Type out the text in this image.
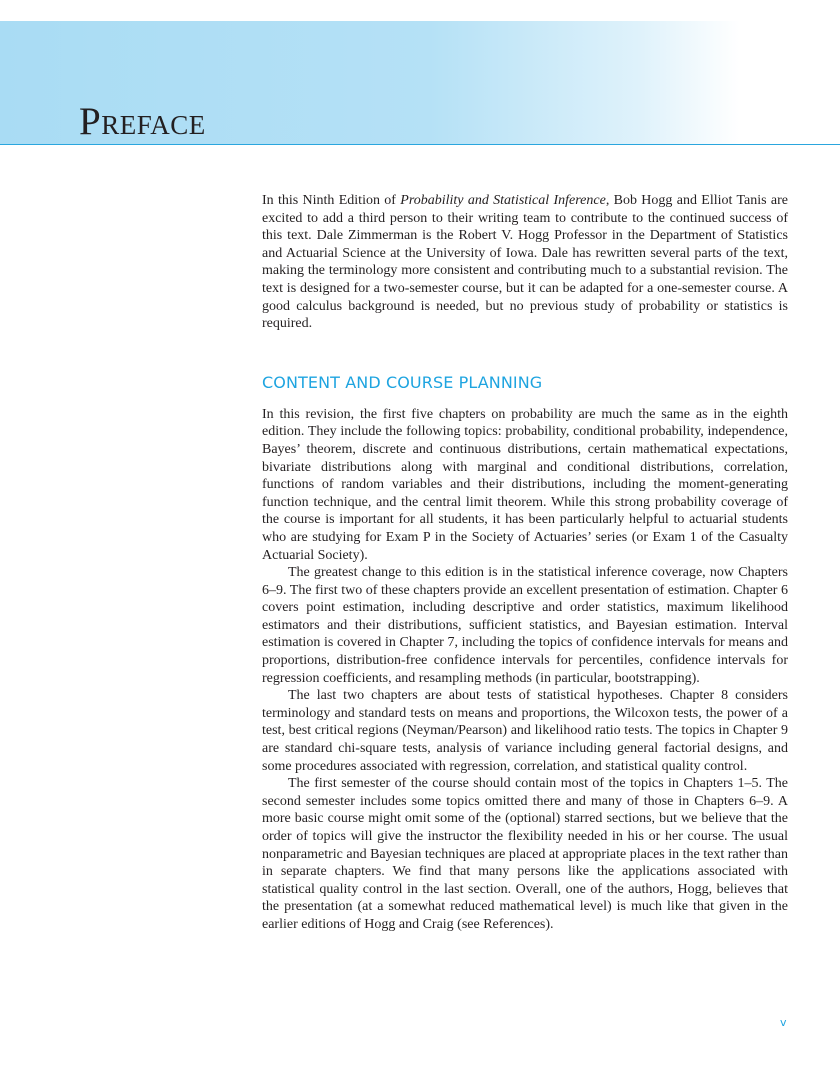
Preface

In this Ninth Edition of Probability and Statistical Inference, Bob Hogg and Elliot Tanis are excited to add a third person to their writing team to contribute to the continued success of this text. Dale Zimmerman is the Robert V. Hogg Professor in the Department of Statistics and Actuarial Science at the University of Iowa. Dale has rewritten several parts of the text, making the terminology more consistent and contributing much to a substantial revision. The text is designed for a two-semester course, but it can be adapted for a one-semester course. A good calculus background is needed, but no previous study of probability or statistics is required.

CONTENT AND COURSE PLANNING

In this revision, the first five chapters on probability are much the same as in the eighth edition. They include the following topics: probability, conditional probability, independence, Bayes’ theorem, discrete and continuous distributions, certain mathematical expectations, bivariate distributions along with marginal and conditional distributions, correlation, functions of random variables and their distributions, including the moment-generating function technique, and the central limit theorem. While this strong probability coverage of the course is important for all students, it has been particularly helpful to actuarial students who are studying for Exam P in the Society of Actuaries’ series (or Exam 1 of the Casualty Actuarial Society).

The greatest change to this edition is in the statistical inference coverage, now Chapters 6–9. The first two of these chapters provide an excellent presentation of estimation. Chapter 6 covers point estimation, including descriptive and order statistics, maximum likelihood estimators and their distributions, sufficient statistics, and Bayesian estimation. Interval estimation is covered in Chapter 7, including the topics of confidence intervals for means and proportions, distribution-free confidence intervals for percentiles, confidence intervals for regression coefficients, and resampling methods (in particular, bootstrapping).

The last two chapters are about tests of statistical hypotheses. Chapter 8 considers terminology and standard tests on means and proportions, the Wilcoxon tests, the power of a test, best critical regions (Neyman/Pearson) and likelihood ratio tests. The topics in Chapter 9 are standard chi-square tests, analysis of variance including general factorial designs, and some procedures associated with regression, correlation, and statistical quality control.

The first semester of the course should contain most of the topics in Chapters 1–5. The second semester includes some topics omitted there and many of those in Chapters 6–9. A more basic course might omit some of the (optional) starred sections, but we believe that the order of topics will give the instructor the flexibility needed in his or her course. The usual nonparametric and Bayesian techniques are placed at appropriate places in the text rather than in separate chapters. We find that many persons like the applications associated with statistical quality control in the last section. Overall, one of the authors, Hogg, believes that the presentation (at a somewhat reduced mathematical level) is much like that given in the earlier editions of Hogg and Craig (see References).

v
